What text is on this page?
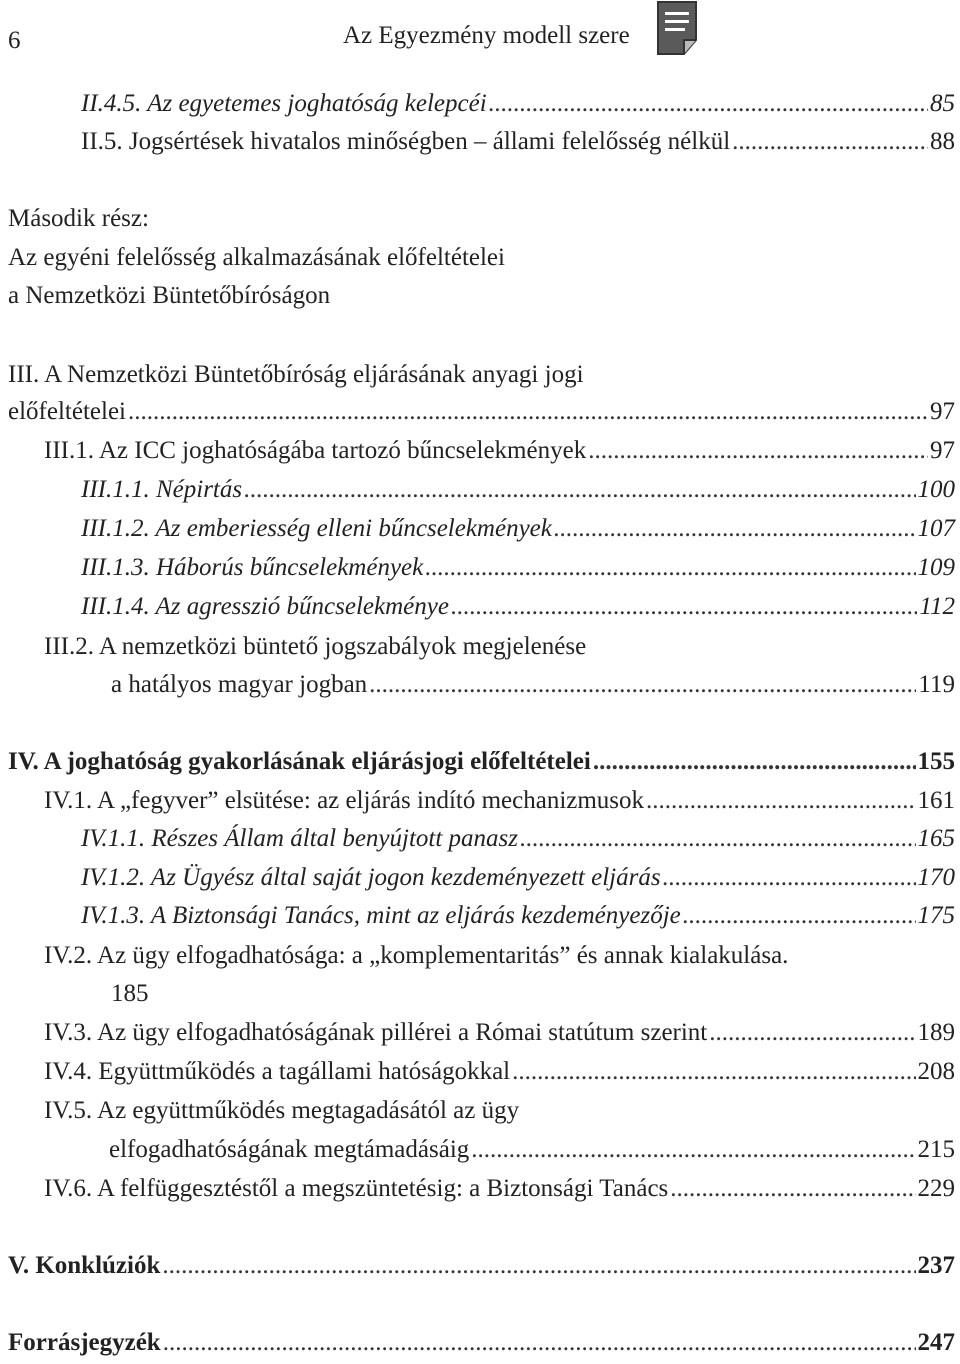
6	Az Egyezmény modell szere
II.4.5. Az egyetemes joghatóság kelepcéi .....	85
II.5. Jogsértések hivatalos minőségben – állami felelősség nélkül .....	88
Második rész:
Az egyéni felelősség alkalmazásának előfeltételei
a Nemzetközi Büntetőbíróságon
III. A Nemzetközi Büntetőbíróság eljárásának anyagi jogi
előfeltételei .....	97
III.1. Az ICC joghatóságába tartozó bűncselekmények .....	97
III.1.1. Népirtás .....	100
III.1.2. Az emberiesség elleni bűncselekmények .....	107
III.1.3. Háborús bűncselekmények .....	109
III.1.4. Az agresszió bűncselekménye .....	112
III.2. A nemzetközi büntető jogszabályok megjelenése
a hatályos magyar jogban .....	119
IV. A joghatóság gyakorlásának eljárásjogi előfeltételei .....	155
IV.1. A „fegyver” elsütése: az eljárás indító mechanizmusok .....	161
IV.1.1. Részes Állam által benyújtott panasz .....	165
IV.1.2. Az Ügyész által saját jogon kezdeményezett eljárás .....	170
IV.1.3. A Biztonsági Tanács, mint az eljárás kezdeményezője .....	175
IV.2. Az ügy elfogadhatósága: a „komplementaritás” és annak kialakulása.
185
IV.3. Az ügy elfogadhatóságának pillérei a Római statútum szerint .....	189
IV.4. Együttműködés a tagállami hatóságokkal .....	208
IV.5. Az együttműködés megtagadásától az ügy
elfogadhatóságának megtámadásáig .....	215
IV.6. A felfüggesztéstől a megszüntetésig: a Biztonsági Tanács .....	229
V. Konklúziók .....	237
Forrásjegyzék .....	247
